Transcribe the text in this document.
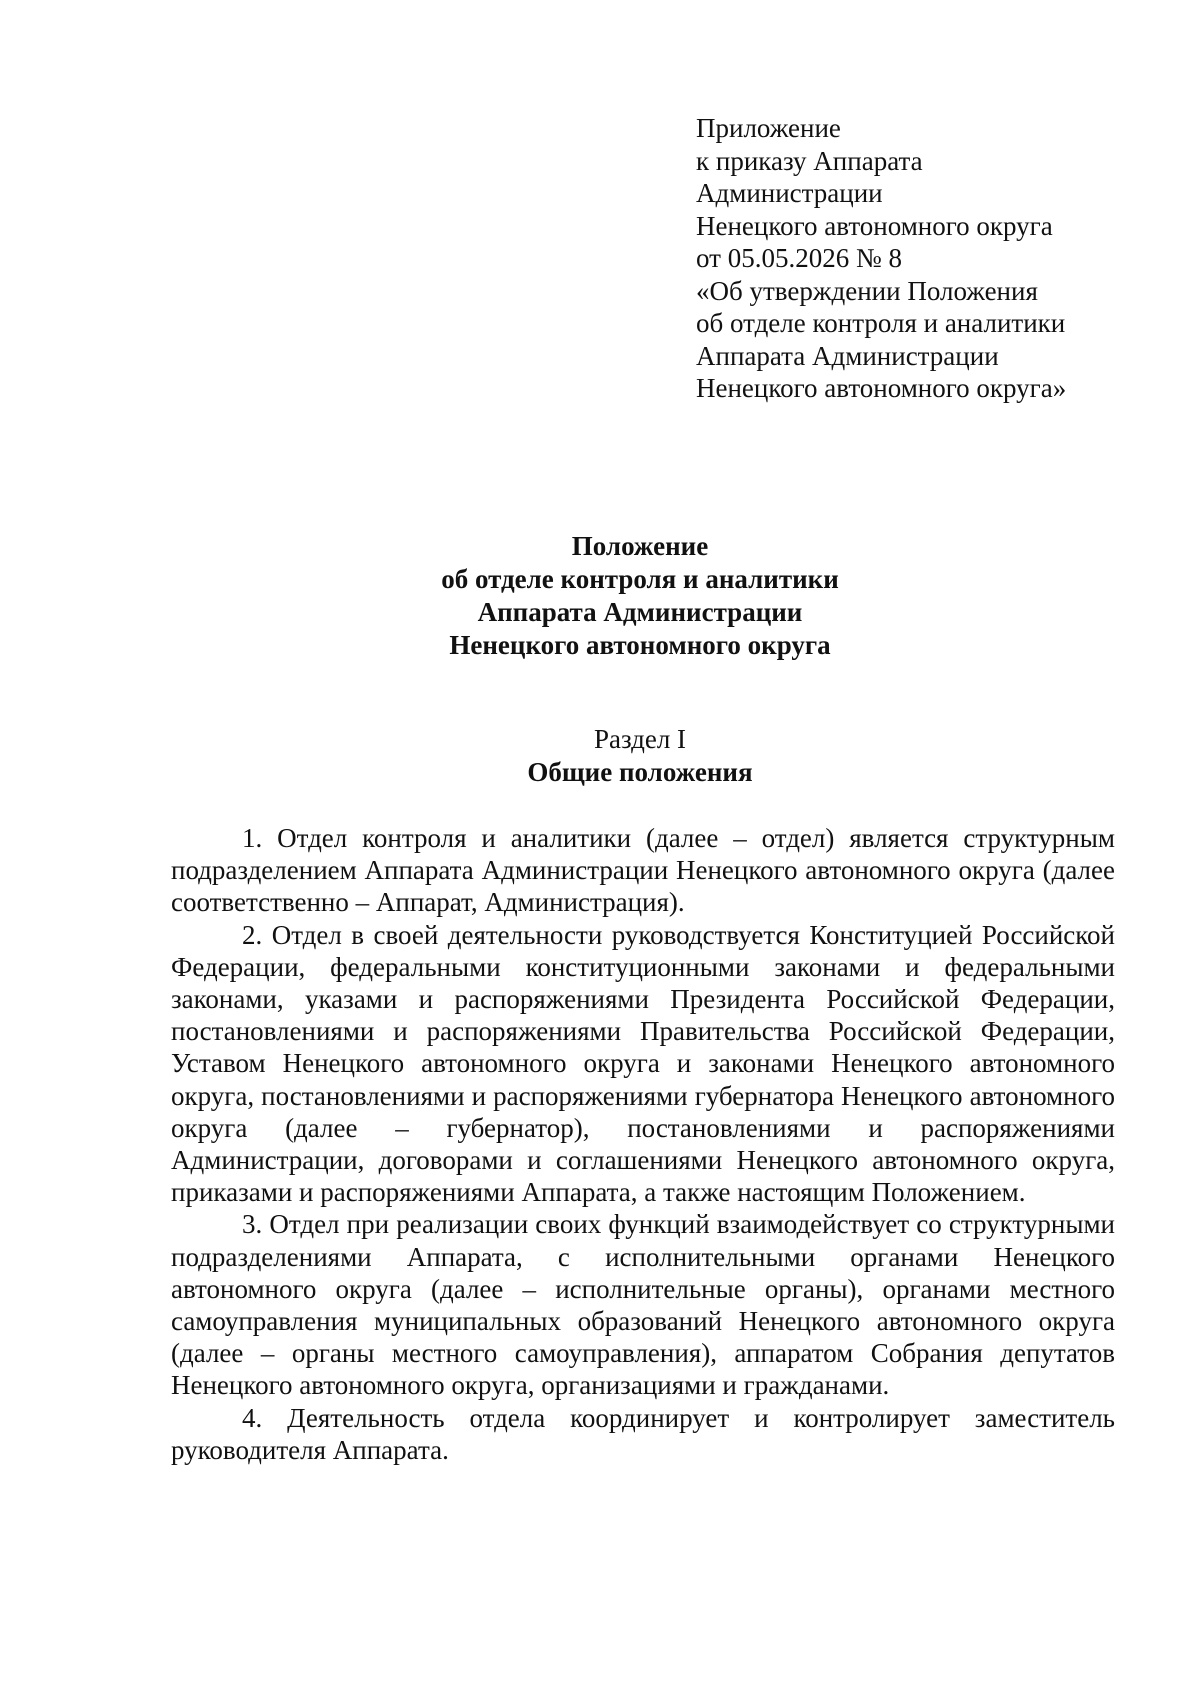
Приложение
к приказу Аппарата
Администрации
Ненецкого автономного округа
от 05.05.2026 № 8
«Об утверждении Положения
об отделе контроля и аналитики
Аппарата Администрации
Ненецкого автономного округа»
Положение
об отделе контроля и аналитики
Аппарата Администрации
Ненецкого автономного округа
Раздел I
Общие положения

1. Отдел контроля и аналитики (далее – отдел) является структурным подразделением Аппарата Администрации Ненецкого автономного округа (далее соответственно – Аппарат, Администрация).

2. Отдел в своей деятельности руководствуется Конституцией Российской Федерации, федеральными конституционными законами и федеральными законами, указами и распоряжениями Президента Российской Федерации, постановлениями и распоряжениями Правительства Российской Федерации, Уставом Ненецкого автономного округа и законами Ненецкого автономного округа, постановлениями и распоряжениями губернатора Ненецкого автономного округа (далее – губернатор), постановлениями и распоряжениями Администрации, договорами и соглашениями Ненецкого автономного округа, приказами и распоряжениями Аппарата, а также настоящим Положением.

3. Отдел при реализации своих функций взаимодействует со структурными подразделениями Аппарата, с исполнительными органами Ненецкого автономного округа (далее – исполнительные органы), органами местного самоуправления муниципальных образований Ненецкого автономного округа (далее – органы местного самоуправления), аппаратом Собрания депутатов Ненецкого автономного округа, организациями и гражданами.

4. Деятельность отдела координирует и контролирует заместитель руководителя Аппарата.
